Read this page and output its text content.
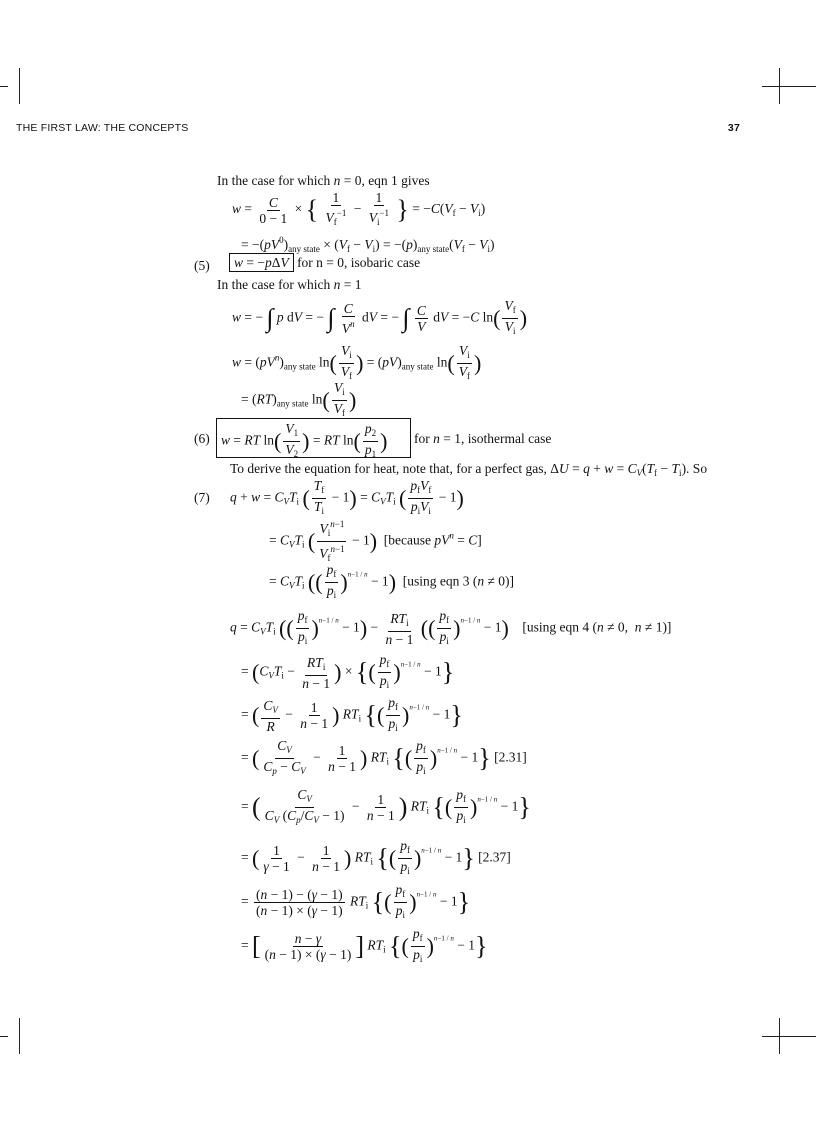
THE FIRST LAW: THE CONCEPTS	37
In the case for which n = 0, eqn 1 gives
$w = \frac{C}{0 - 1}$ × { $\frac{1}{V_f^{-1}} - \frac{1}{V_i^{-1}}$ } = $-C(V_f - V_i)$
= $-(pV^0)_{any state} \times (V_f - V_i) = -(p)_{any state}(V_f - V_i)$
(5)	w = −pΔV for n = 0, isobaric case
In the case for which n = 1
w = − ∫ p dV = − ∫ $\frac{C}{V^n}$ dV = − ∫ $\frac{C}{V}$ dV = −C $\ln( \frac{V_f}{V_i}$ )
$w = (pV^n)_{any state}$ $\ln( \frac{V_i}{V_f}$ ) = $(pV)_{any state}$ $\ln( \frac{V_i}{V_f}$ )
= $(RT)_{any state}$ $\ln( \frac{V_i}{V_f}$ )
(6) w = RT $\ln( \frac{V_1}{V_2}$ ) = RT $\ln( \frac{p_2}{p_1}$ ) for n = 1, isothermal case
To derive the equation for heat, note that, for a perfect gas, $\Delta U = q + w = C_V(T_f - T_i)$. So
(7) $q + w = C_VT_i$ ( $\frac{T_f}{T_i} - 1) = C_VT_i$ ( $\frac{p_fV_f}{p_iV_i} - 1$)
= $C_VT_i$ ( $\frac{V_i^{n-1}}{V_f^{n-1}} - 1$)  [because $pV^n = C$]
= $C_VT_i$ (( $\frac{p_f}{p_i} )^{n-1 / n} - 1$) [using eqn 3 (n ≠ 0)]
$q = C_VT_i$ (( $\frac{p_f}{p_i} )^{n-1 / n} - 1) - \frac{RT_i}{n - 1}$ (( $\frac{p_f}{p_i} )^{n-1 / n} - 1$) [using eqn 4 (n ≠ 0,  n ≠ 1)]
= ($C_VT_i - \frac{RT_i}{n - 1}$ ) × {( $\frac{p_f}{p_i} )^{n-1 / n} - 1$}
= ( $\frac{C_V}{R} - \frac{1}{n - 1}$ ) $RT_i$ {( $\frac{p_f}{p_i} )^{n-1 / n} - 1$}
= ( $\frac{C_V}{C_p - C_V} - \frac{1}{n - 1}$ ) $RT_i$ {( $\frac{p_f}{p_i} )^{n-1 / n} - 1$} [2.31]
= ( $\frac{C_V}{C_V (C_p/C_V - 1)} - \frac{1}{n - 1}$ ) $RT_i$ {( $\frac{p_f}{p_i} )^{n-1 / n} - 1$}
= ( $\frac{1}{\gamma - 1} - \frac{1}{n - 1}$ ) $RT_i$ {( $\frac{p_f}{p_i} )^{n-1 / n} - 1$} [2.37]
= $\frac{(n - 1) - (\gamma - 1)}{(n - 1) \times (\gamma - 1)} RT_i$ {( $\frac{p_f}{p_i} )^{n-1 / n} - 1$}
= [ $\frac{n - \gamma}{(n - 1) \times (\gamma - 1)}$ ] $RT_i$ {( $\frac{p_f}{p_i} )^{n-1 / n} - 1$}
